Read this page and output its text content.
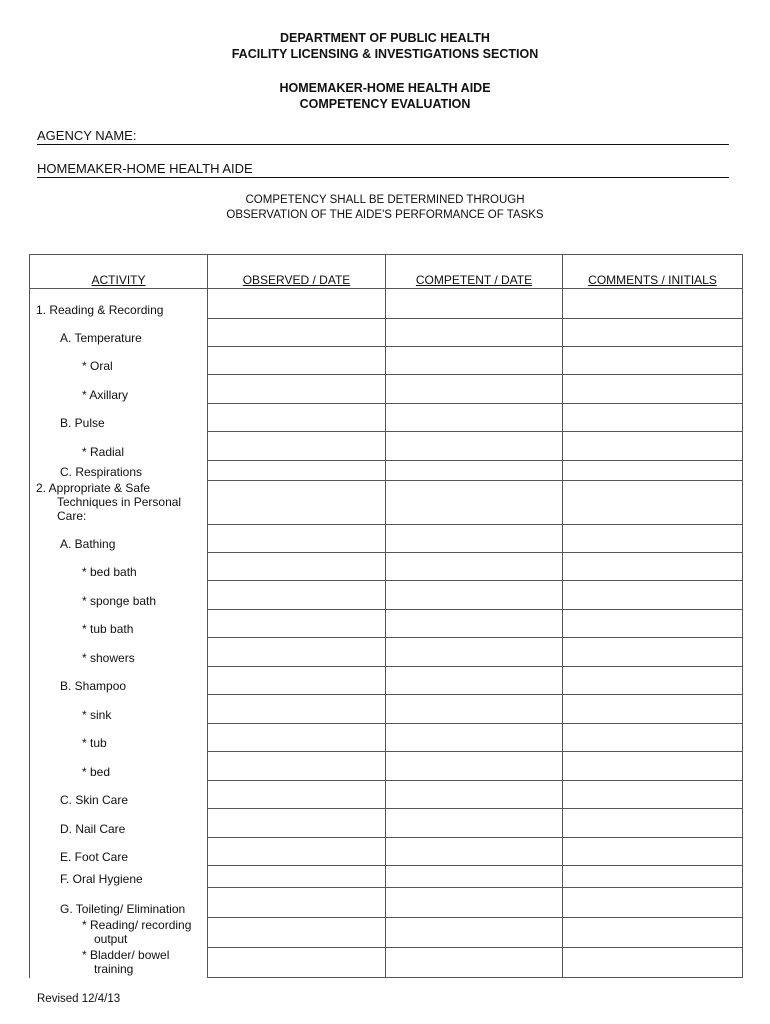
DEPARTMENT OF PUBLIC HEALTH
FACILITY LICENSING & INVESTIGATIONS SECTION
HOMEMAKER-HOME HEALTH AIDE
COMPETENCY EVALUATION
AGENCY NAME:
HOMEMAKER-HOME HEALTH AIDE
COMPETENCY SHALL BE DETERMINED THROUGH
OBSERVATION OF THE AIDE'S PERFORMANCE OF TASKS
ACTIVITY	OBSERVED / DATE	COMPETENT / DATE	COMMENTS / INITIALS
1. Reading & Recording			
A. Temperature			
* Oral			
* Axillary			
B. Pulse			
* Radial			
C. Respirations			
2. Appropriate & Safe Techniques in Personal Care:			
A. Bathing			
* bed bath			
* sponge bath			
* tub bath			
* showers			
B. Shampoo			
* sink			
* tub			
* bed			
C. Skin Care			
D. Nail Care			
E. Foot Care			
F. Oral Hygiene			
G. Toileting/ Elimination			
* Reading/ recording output			
* Bladder/ bowel training			
Revised 12/4/13
